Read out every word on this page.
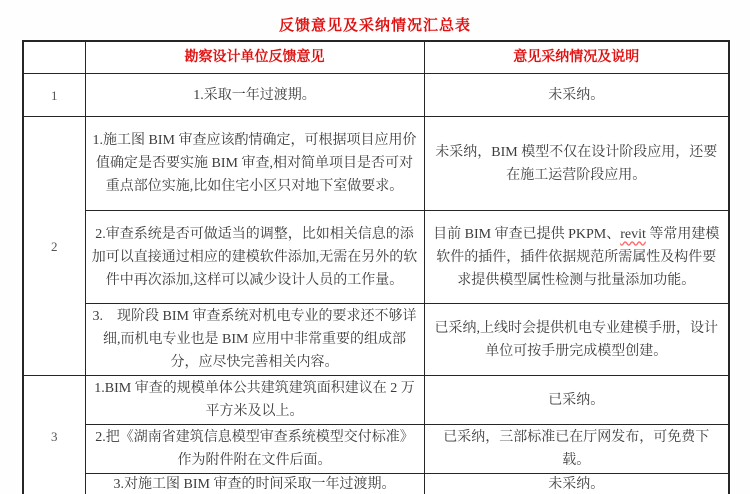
反馈意见及采纳情况汇总表
	勘察设计单位反馈意见	意见采纳情况及说明
1	1.采取一年过渡期。	未采纳。
2	1.施工图 BIM 审查应该酌情确定，可根据项目应用价值确定是否要实施 BIM 审查,相对简单项目是否可对重点部位实施,比如住宅小区只对地下室做要求。	未采纳，BIM 模型不仅在设计阶段应用，还要在施工运营阶段应用。
	2.审查系统是否可做适当的调整，比如相关信息的添加可以直接通过相应的建模软件添加,无需在另外的软件中再次添加,这样可以减少设计人员的工作量。	目前 BIM 审查已提供 PKPM、revit 等常用建模软件的插件，插件依据规范所需属性及构件要求提供模型属性检测与批量添加功能。
	3.　现阶段 BIM 审查系统对机电专业的要求还不够详细,而机电专业也是 BIM 应用中非常重要的组成部分，应尽快完善相关内容。	已采纳,上线时会提供机电专业建模手册，设计单位可按手册完成模型创建。
3	1.BIM 审查的规模单体公共建筑建筑面积建议在 2 万平方米及以上。	已采纳。
	2.把《湖南省建筑信息模型审查系统模型交付标准》作为附件附在文件后面。	已采纳，三部标准已在厅网发布，可免费下载。
	3.对施工图 BIM 审查的时间采取一年过渡期。	未采纳。
